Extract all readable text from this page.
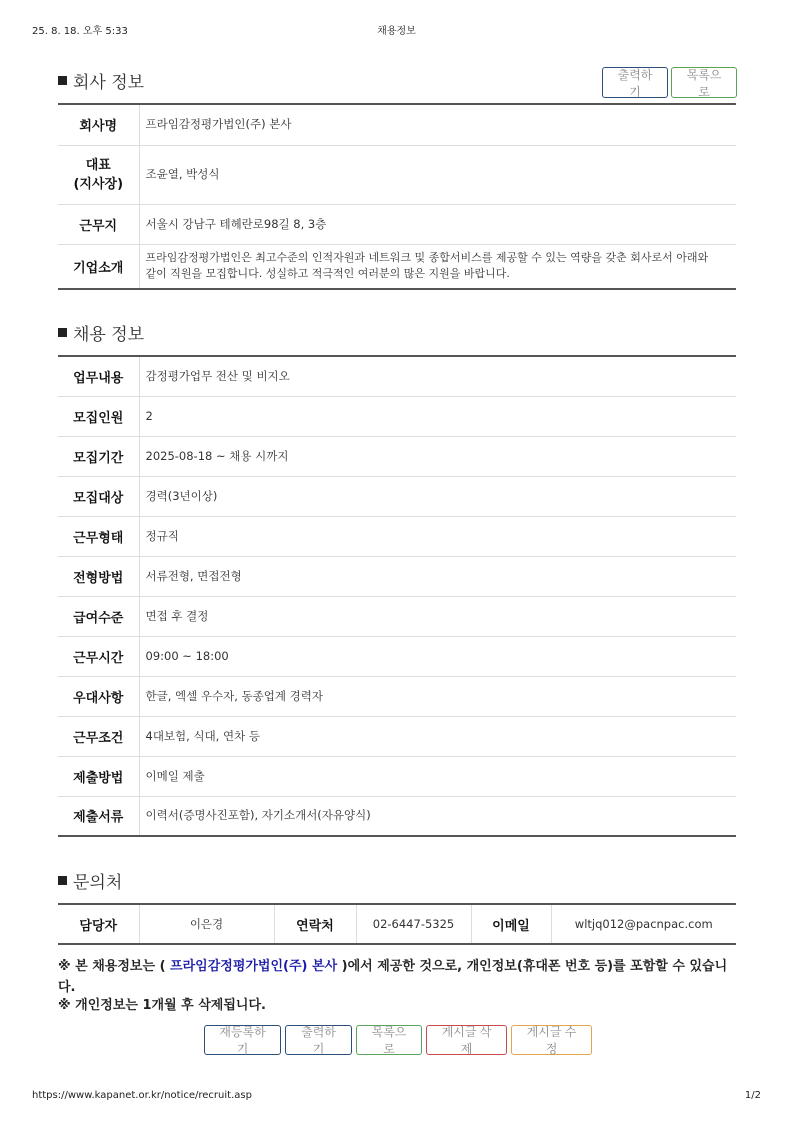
25. 8. 18. 오후 5:33	채용정보
회사 정보	출력하기
목록으로
회사명	프라임감정평가법인(주) 본사
대표
(지사장)	조윤열, 박성식
근무지	서울시 강남구 테헤란로98길 8, 3층
기업소개	프라임감정평가법인은 최고수준의 인적자원과 네트워크 및 종합서비스를 제공할 수 있는 역량을 갖춘 회사로서 아래와 같이 직원을 모집합니다. 성실하고 적극적인 여러분의 많은 지원을 바랍니다.
채용 정보
업무내용	감정평가업무 전산 및 비지오
모집인원	2
모집기간	2025-08-18 ~ 채용 시까지
모집대상	경력(3년이상)
근무형태	정규직
전형방법	서류전형, 면접전형
급여수준	면접 후 결정
근무시간	09:00 ~ 18:00
우대사항	한글, 엑셀 우수자, 동종업계 경력자
근무조건	4대보험, 식대, 연차 등
제출방법	이메일 제출
제출서류	이력서(증명사진포함), 자기소개서(자유양식)
문의처
담당자	이은경	연락처	02-6447-5325	이메일	wltjq012@pacnpac.com
※ 본 채용정보는 ( 프라임감정평가법인(주) 본사 )에서 제공한 것으로, 개인정보(휴대폰 번호 등)를 포함할 수 있습니다.
※ 개인정보는 1개월 후 삭제됩니다.
재등록하기
출력하기
목록으로
게시글 삭제
게시글 수정
https://www.kapanet.or.kr/notice/recruit.asp	1/2
